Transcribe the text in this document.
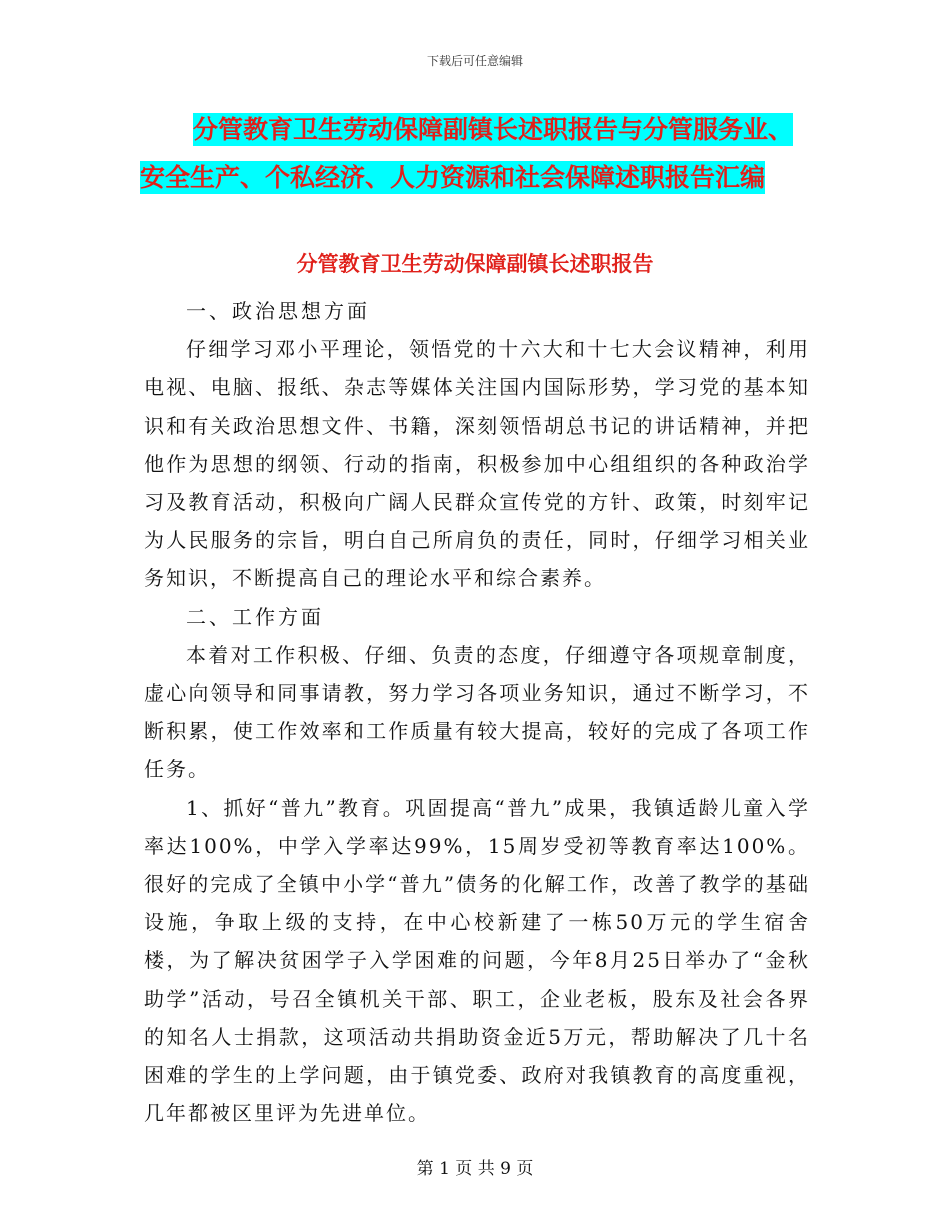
下载后可任意编辑
分管教育卫生劳动保障副镇长述职报告与分管服务业、
安全生产、个私经济、人力资源和社会保障述职报告汇编
分管教育卫生劳动保障副镇长述职报告

一、政治思想方面

仔细学习邓小平理论，领悟党的十六大和十七大会议精神，利用电视、电脑、报纸、杂志等媒体关注国内国际形势，学习党的基本知识和有关政治思想文件、书籍，深刻领悟胡总书记的讲话精神，并把他作为思想的纲领、行动的指南，积极参加中心组组织的各种政治学习及教育活动，积极向广阔人民群众宣传党的方针、政策，时刻牢记为人民服务的宗旨，明白自己所肩负的责任，同时，仔细学习相关业务知识，不断提高自己的理论水平和综合素养。

二、工作方面

本着对工作积极、仔细、负责的态度，仔细遵守各项规章制度，虚心向领导和同事请教，努力学习各项业务知识，通过不断学习，不断积累，使工作效率和工作质量有较大提高，较好的完成了各项工作任务。

1、抓好“普九”教育。巩固提高“普九”成果，我镇适龄儿童入学率达100%，中学入学率达99%，15周岁受初等教育率达100%。很好的完成了全镇中小学“普九”债务的化解工作，改善了教学的基础设施，争取上级的支持，在中心校新建了一栋50万元的学生宿舍楼，为了解决贫困学子入学困难的问题，今年8月25日举办了“金秋助学”活动，号召全镇机关干部、职工，企业老板，股东及社会各界的知名人士捐款，这项活动共捐助资金近5万元，帮助解决了几十名困难的学生的上学问题，由于镇党委、政府对我镇教育的高度重视，几年都被区里评为先进单位。

第 1 页 共 9 页
